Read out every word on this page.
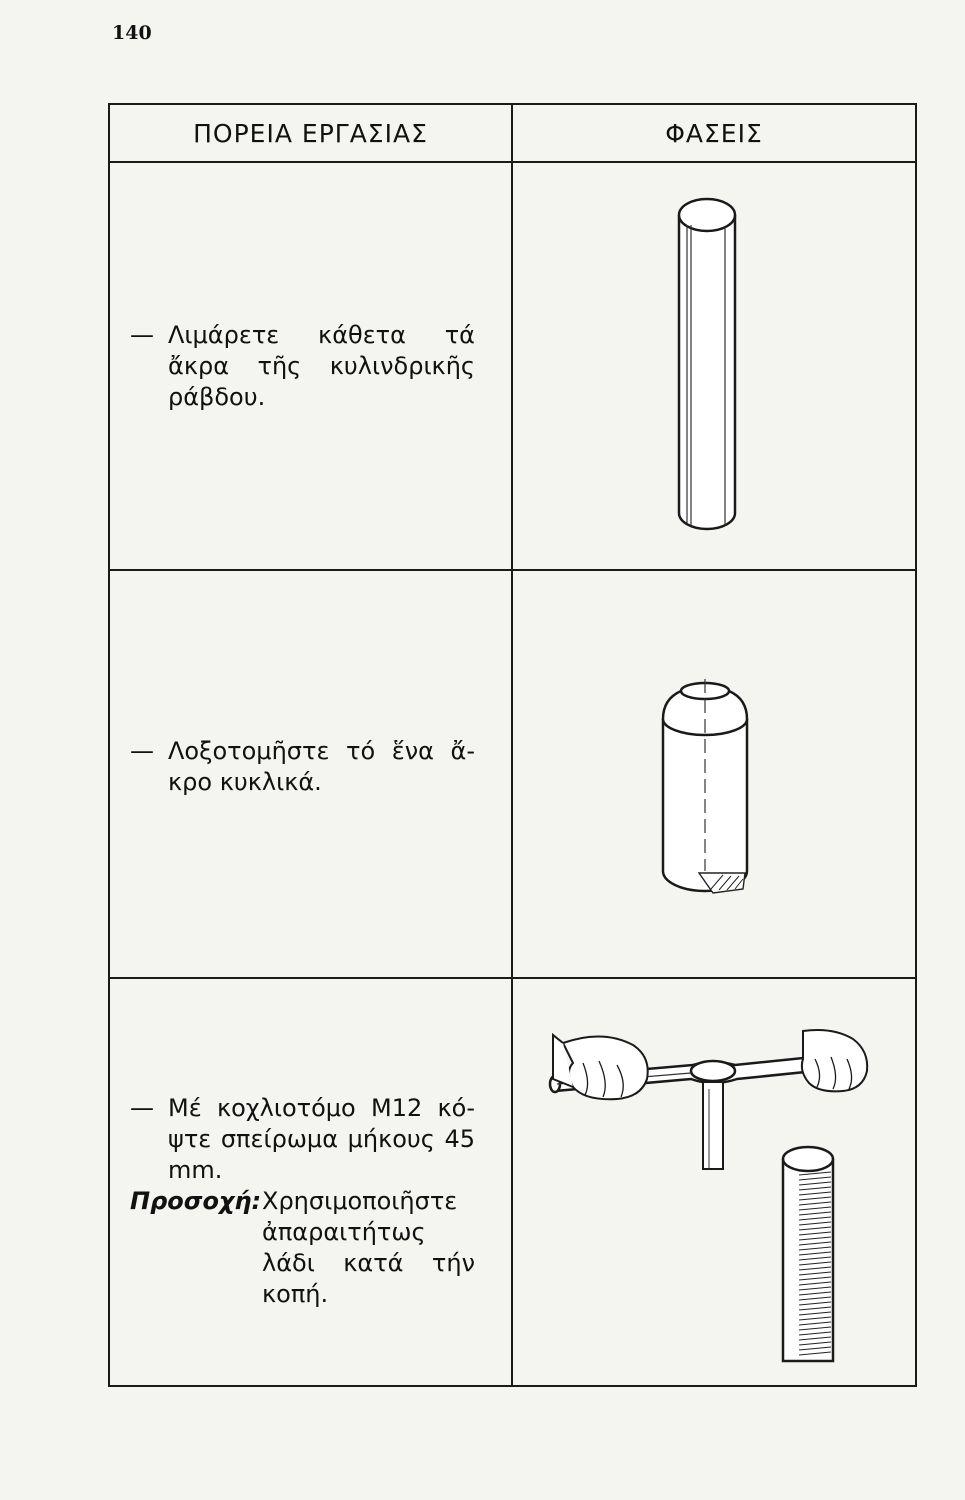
140
ΠΟΡΕΙΑ ΕΡΓΑΣΙΑΣ	ΦΑΣΕΙΣ

— Λιμάρετε κάθετα τά ἄκρα τῆς κυλινδρικῆς ράβδου.

— Λοξοτομῆστε τό ἕνα ἄ- κρο κυκλικά.

— Μέ κοχλιοτόμο Μ12 κό- ψτε σπείρωμα μήκους 45 mm.
Προσοχή: Χρησιμοποιῆστε ἀπαραιτήτως λάδι κατά τήν κοπή.
